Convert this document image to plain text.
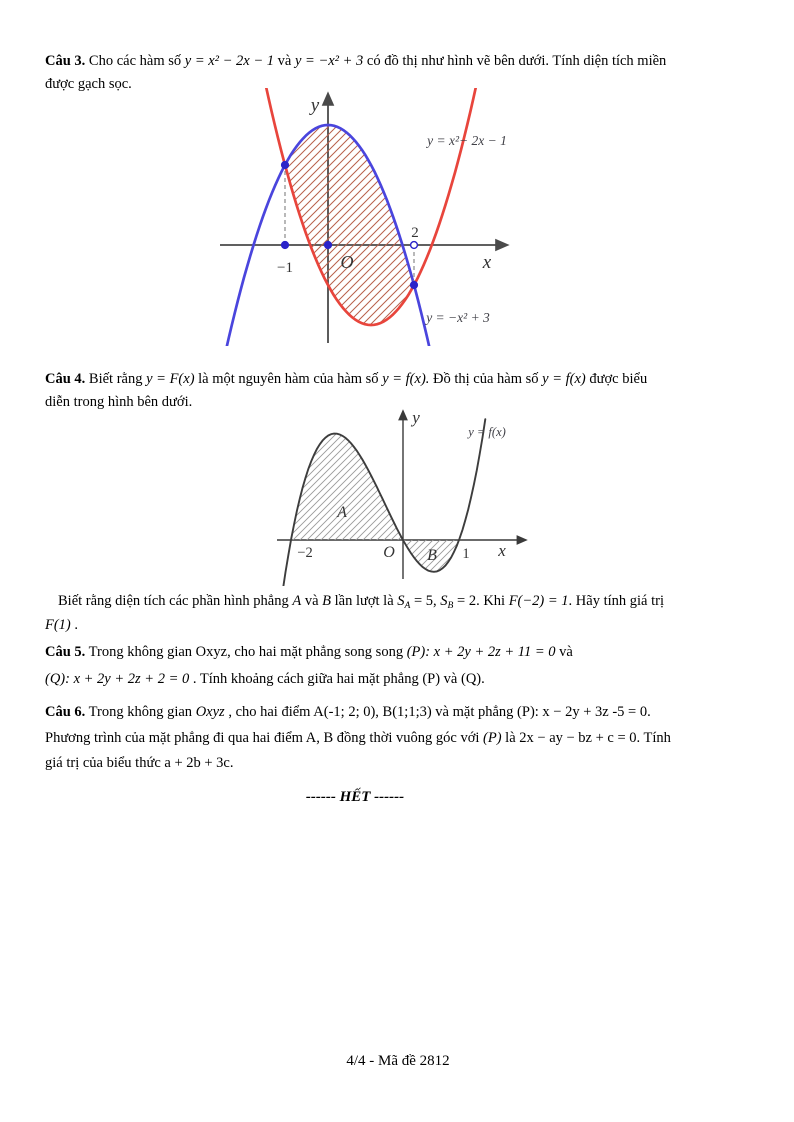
Câu 3. Cho các hàm số y = x² − 2x − 1 và y = −x² + 3 có đồ thị như hình vẽ bên dưới. Tính diện tích miền
được gạch sọc.
−1
2
O	x
y
y = x²− 2x − 1
y = −x² + 3
Câu 4. Biết rằng y = F(x) là một nguyên hàm của hàm số y = f(x). Đồ thị của hàm số y = f(x) được biểu
diễn trong hình bên dưới.
−2	1
O	x
y
y = f(x)
A
B
Biết rằng diện tích các phần hình phẳng A và B lần lượt là $S_A = 5$, $S_B = 2$. Khi F(−2) = 1. Hãy tính giá trị
F(1) .
Câu 5. Trong không gian Oxyz, cho hai mặt phẳng song song (P): x + 2y + 2z + 11 = 0 và
(Q): x + 2y + 2z + 2 = 0 . Tính khoảng cách giữa hai mặt phẳng (P) và (Q).
Câu 6. Trong không gian Oxyz , cho hai điểm A(-1; 2; 0), B(1;1;3) và mặt phẳng (P): x − 2y + 3z -5 = 0.
Phương trình của mặt phẳng đi qua hai điểm A, B đồng thời vuông góc với (P) là 2x − ay − bz + c = 0. Tính
giá trị của biểu thức a + 2b + 3c.
------ HẾT ------
4/4 - Mã đề 2812
